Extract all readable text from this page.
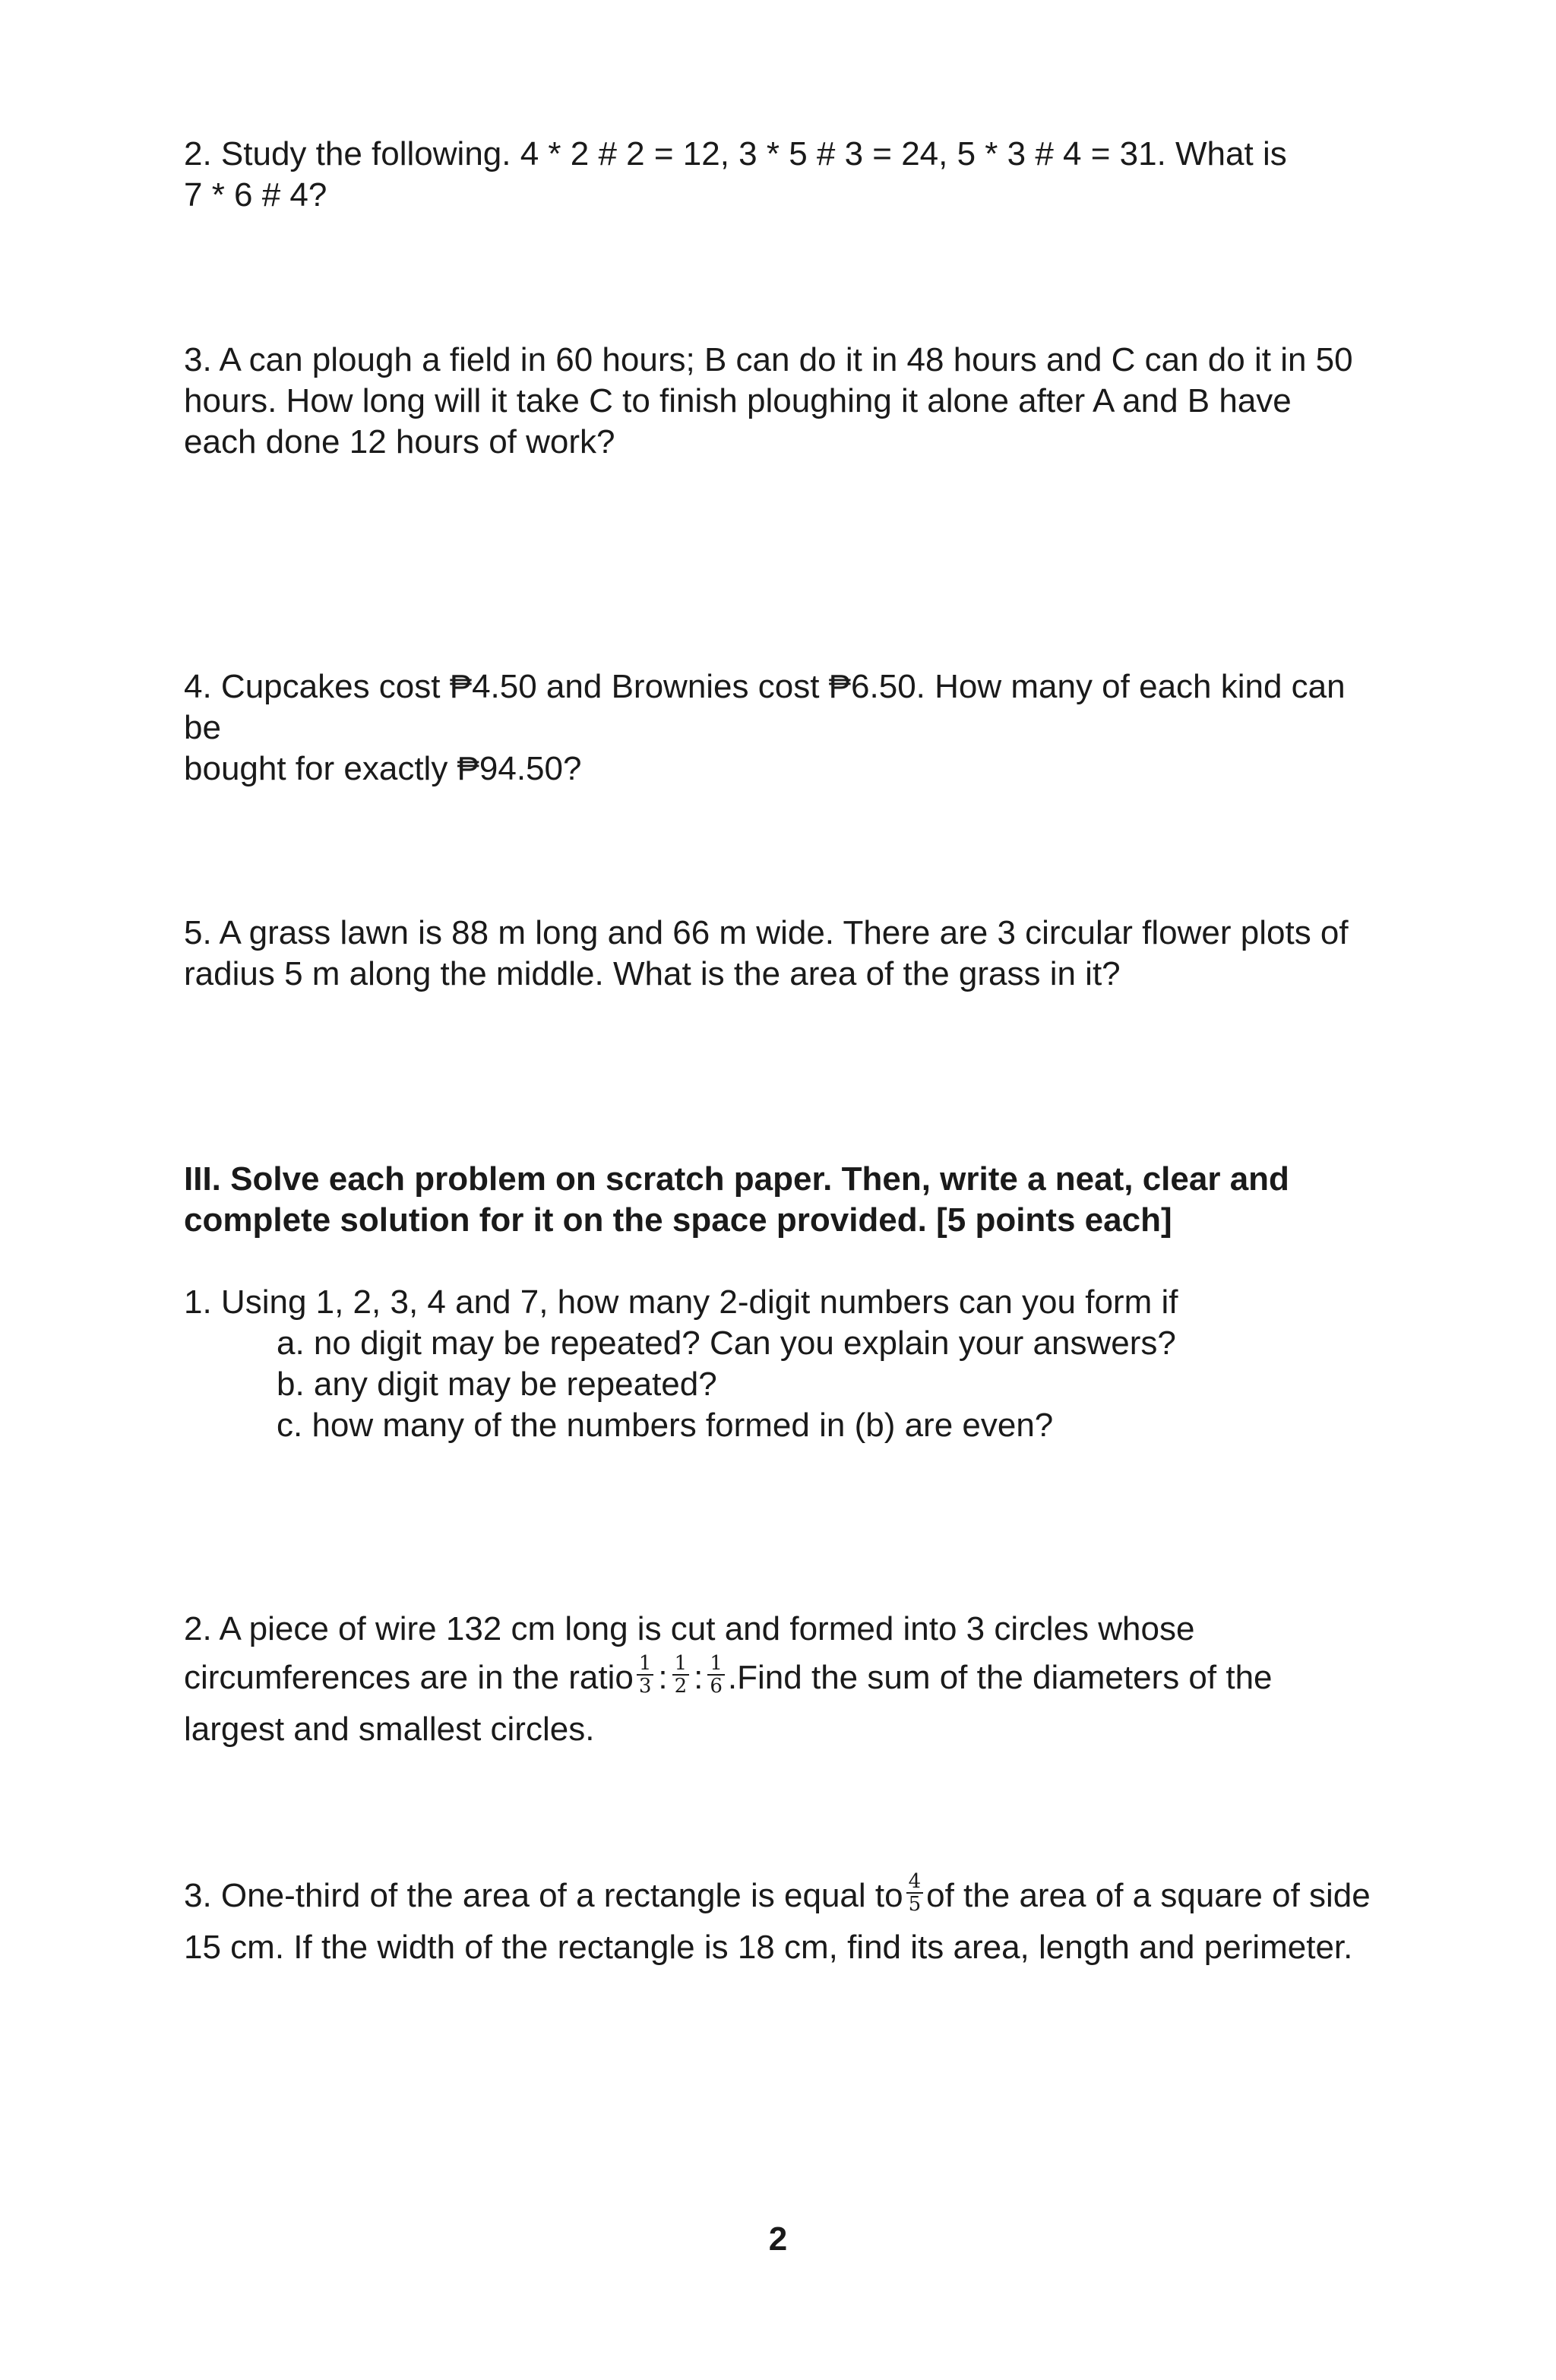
2. Study the following. 4 * 2 # 2 = 12, 3 * 5 # 3 = 24, 5 * 3 # 4 = 31. What is
7 * 6 # 4?
3. A can plough a field in 60 hours; B can do it in 48 hours and C can do it in 50
hours. How long will it take C to finish ploughing it alone after A and B have
each done 12 hours of work?
4. Cupcakes cost ₱4.50 and Brownies cost ₱6.50. How many of each kind can
be
bought for exactly ₱94.50?
5. A grass lawn is 88 m long and 66 m wide. There are 3 circular flower plots of
radius 5 m along the middle. What is the area of the grass in it?
III. Solve each problem on scratch paper. Then, write a neat, clear and
complete solution for it on the space provided. [5 points each]
1. Using 1, 2, 3, 4 and 7, how many 2-digit numbers can you form if
a. no digit may be repeated? Can you explain your answers?
b. any digit may be repeated?
c. how many of the numbers formed in (b) are even?
2. A piece of wire 132 cm long is cut and formed into 3 circles whose
circumferences are in the ratio $\frac{1}{3}$ : $\frac{1}{2}$ : $\frac{1}{6}$ .Find the sum of the diameters of the
largest and smallest circles.
3. One-third of the area of a rectangle is equal to $\frac{4}{5}$ of the area of a square of side
15 cm. If the width of the rectangle is 18 cm, find its area, length and perimeter.
2
